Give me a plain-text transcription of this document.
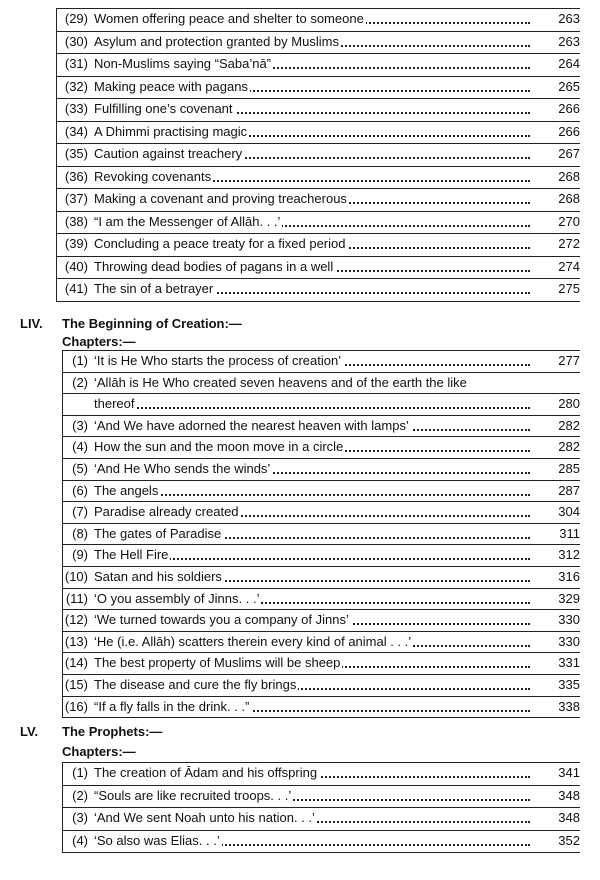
(29) Women offering peace and shelter to someone	263
(30) Asylum and protection granted by Muslims	263
(31) Non-Muslims saying “Saba’nā”	264
(32) Making peace with pagans	265
(33) Fulfilling one’s covenant	266
(34) A Dhimmi practising magic	266
(35) Caution against treachery	267
(36) Revoking covenants	268
(37) Making a covenant and proving treacherous	268
(38) “I am the Messenger of Allāh. . .’	270
(39) Concluding a peace treaty for a fixed period	272
(40) Throwing dead bodies of pagans in a well	274
(41) The sin of a betrayer	275
LIV. The Beginning of Creation:—
Chapters:—
(1) ‘It is He Who starts the process of creation’	277
(2) ‘Allāh is He Who created seven heavens and of the earth the like
thereof	280
(3) ‘And We have adorned the nearest heaven with lamps’	282
(4) How the sun and the moon move in a circle	282
(5) ‘And He Who sends the winds’	285
(6) The angels	287
(7) Paradise already created	304
(8) The gates of Paradise	311
(9) The Hell Fire	312
(10) Satan and his soldiers	316
(11) ‘O you assembly of Jinns. . .’	329
(12) ‘We turned towards you a company of Jinns’	330
(13) ‘He (i.e. Allāh) scatters therein every kind of animal . . .’	330
(14) The best property of Muslims will be sheep	331
(15) The disease and cure the fly brings	335
(16) “If a fly falls in the drink. . .”	338
LV. The Prophets:—
Chapters:—
(1) The creation of Ādam and his offspring	341
(2) “Souls are like recruited troops. . .’	348
(3) ‘And We sent Noah unto his nation. . .’	348
(4) ‘So also was Elias. . .’	352
